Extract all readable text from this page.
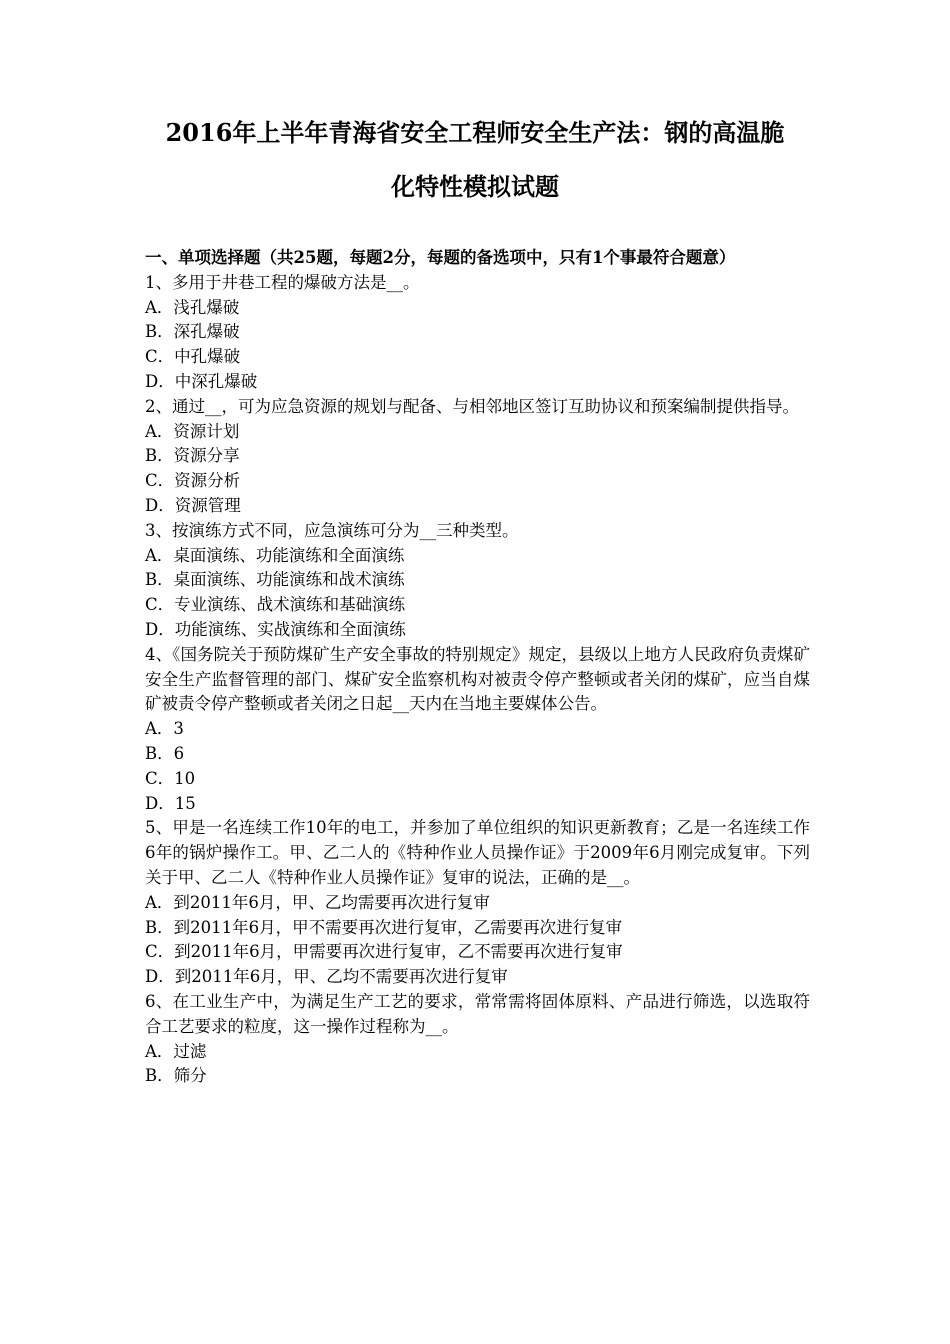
2016年上半年青海省安全工程师安全生产法：钢的高温脆
化特性模拟试题

一、单项选择题（共25题，每题2分，每题的备选项中，只有1个事最符合题意）

1、多用于井巷工程的爆破方法是__。

A．浅孔爆破

B．深孔爆破

C．中孔爆破

D．中深孔爆破

2、通过__，可为应急资源的规划与配备、与相邻地区签订互助协议和预案编制提供指导。

A．资源计划

B．资源分享

C．资源分析

D．资源管理

3、按演练方式不同，应急演练可分为__三种类型。

A．桌面演练、功能演练和全面演练

B．桌面演练、功能演练和战术演练

C．专业演练、战术演练和基础演练

D．功能演练、实战演练和全面演练

4、《国务院关于预防煤矿生产安全事故的特别规定》规定，县级以上地方人民政府负责煤矿安全生产监督管理的部门、煤矿安全监察机构对被责令停产整顿或者关闭的煤矿，应当自煤矿被责令停产整顿或者关闭之日起__天内在当地主要媒体公告。

A．3

B．6

C．10

D．15

5、甲是一名连续工作10年的电工，并参加了单位组织的知识更新教育；乙是一名连续工作6年的锅炉操作工。甲、乙二人的《特种作业人员操作证》于2009年6月刚完成复审。下列关于甲、乙二人《特种作业人员操作证》复审的说法，正确的是__。

A．到2011年6月，甲、乙均需要再次进行复审

B．到2011年6月，甲不需要再次进行复审，乙需要再次进行复审

C．到2011年6月，甲需要再次进行复审，乙不需要再次进行复审

D．到2011年6月，甲、乙均不需要再次进行复审

6、在工业生产中，为满足生产工艺的要求，常常需将固体原料、产品进行筛选，以选取符合工艺要求的粒度，这一操作过程称为__。

A．过滤

B．筛分
